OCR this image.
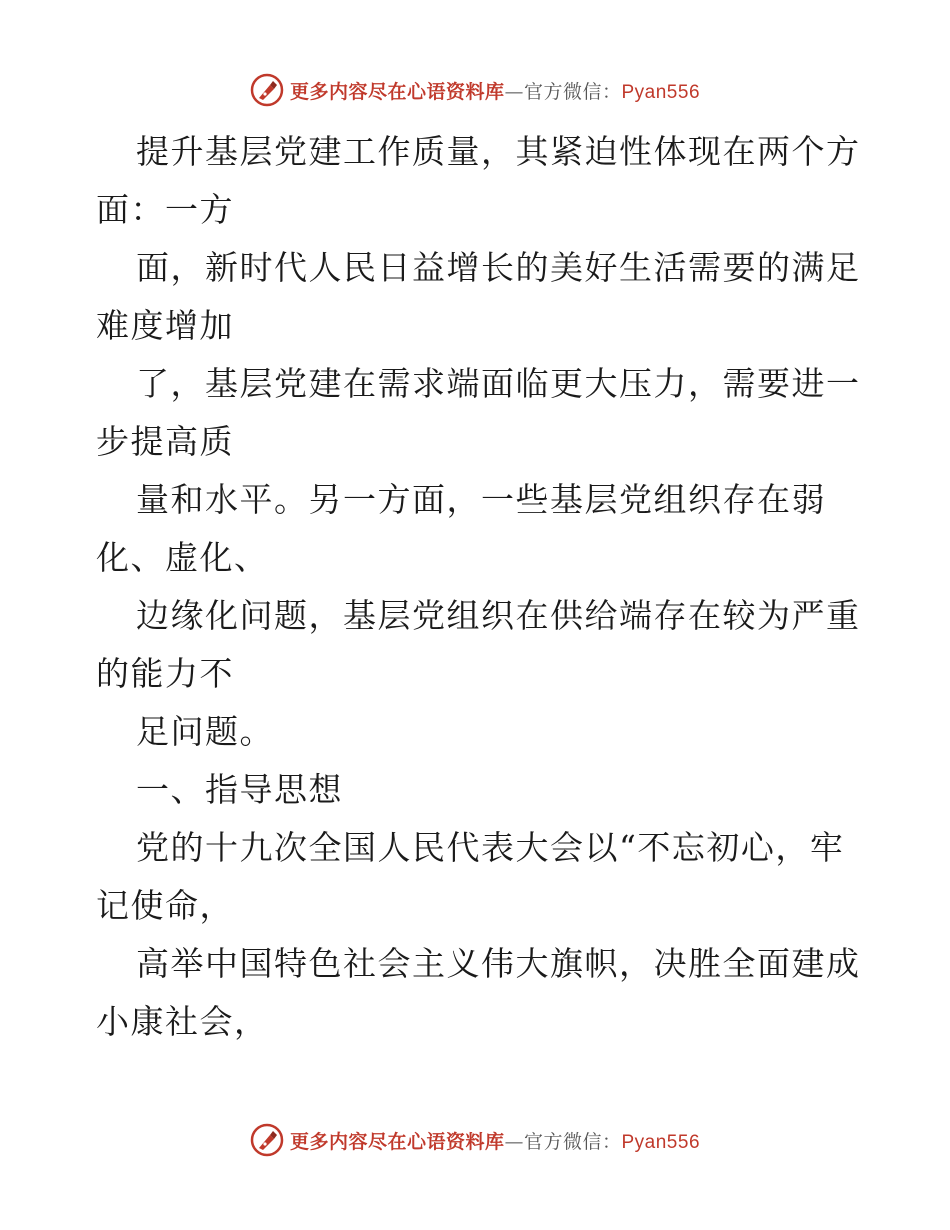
更多内容尽在心语资料库—官方微信：Pyan556
提升基层党建工作质量，其紧迫性体现在两个方
面：一方
面，新时代人民日益增长的美好生活需要的满足
难度增加
了，基层党建在需求端面临更大压力，需要进一
步提高质
量和水平。另一方面，一些基层党组织存在弱
化、虚化、
边缘化问题，基层党组织在供给端存在较为严重
的能力不
足问题。
一、指导思想
党的十九次全国人民代表大会以“不忘初心，牢
记使命，
高举中国特色社会主义伟大旗帜，决胜全面建成
小康社会，
更多内容尽在心语资料库—官方微信：Pyan556
